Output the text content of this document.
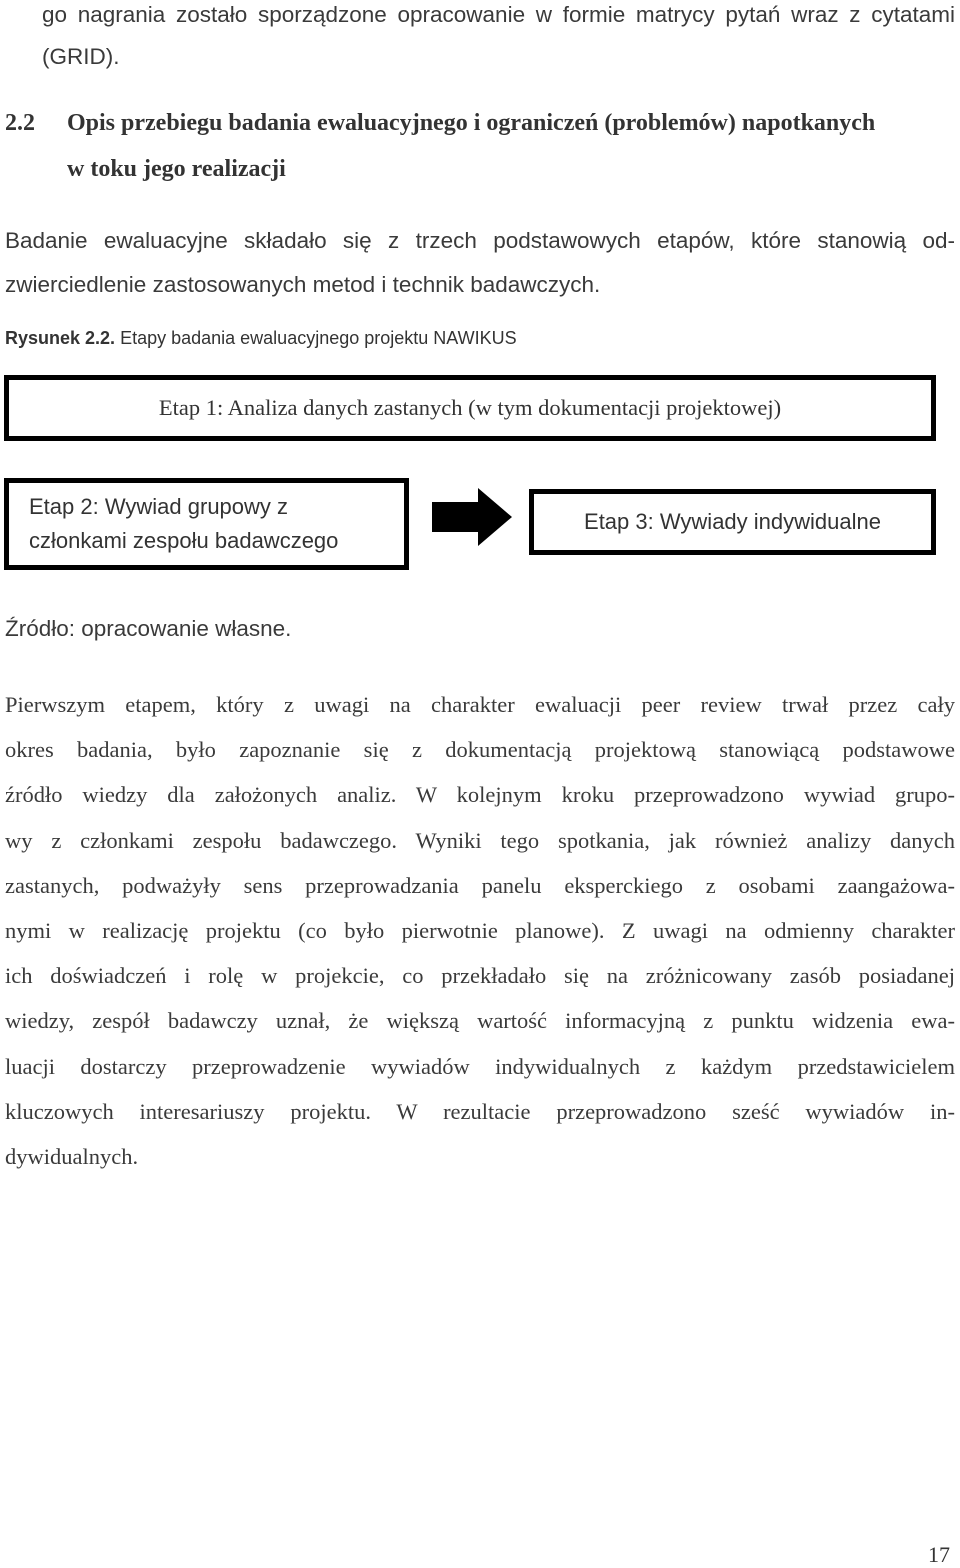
go nagrania zostało sporządzone opracowanie w formie matrycy pytań wraz z cytatami
(GRID).
2.2 Opis przebiegu badania ewaluacyjnego i ograniczeń (problemów) napotkanych
w toku jego realizacji
Badanie ewaluacyjne składało się z trzech podstawowych etapów, które stanowią od-
zwierciedlenie zastosowanych metod i technik badawczych.
Rysunek 2.2. Etapy badania ewaluacyjnego projektu NAWIKUS
Etap 1: Analiza danych zastanych (w tym dokumentacji projektowej)
Etap 2: Wywiad grupowy z
członkami zespołu badawczego
Etap 3: Wywiady indywidualne
Źródło: opracowanie własne.
Pierwszym etapem, który z uwagi na charakter ewaluacji peer review trwał przez cały
okres badania, było zapoznanie się z dokumentacją projektową stanowiącą podstawowe
źródło wiedzy dla założonych analiz. W kolejnym kroku przeprowadzono wywiad grupo-
wy z członkami zespołu badawczego. Wyniki tego spotkania, jak również analizy danych
zastanych, podważyły sens przeprowadzania panelu eksperckiego z osobami zaangażowa-
nymi w realizację projektu (co było pierwotnie planowe). Z uwagi na odmienny charakter
ich doświadczeń i rolę w projekcie, co przekładało się na zróżnicowany zasób posiadanej
wiedzy, zespół badawczy uznał, że większą wartość informacyjną z punktu widzenia ewa-
luacji dostarczy przeprowadzenie wywiadów indywidualnych z każdym przedstawicielem
kluczowych interesariuszy projektu. W rezultacie przeprowadzono sześć wywiadów in-
dywidualnych.
17
